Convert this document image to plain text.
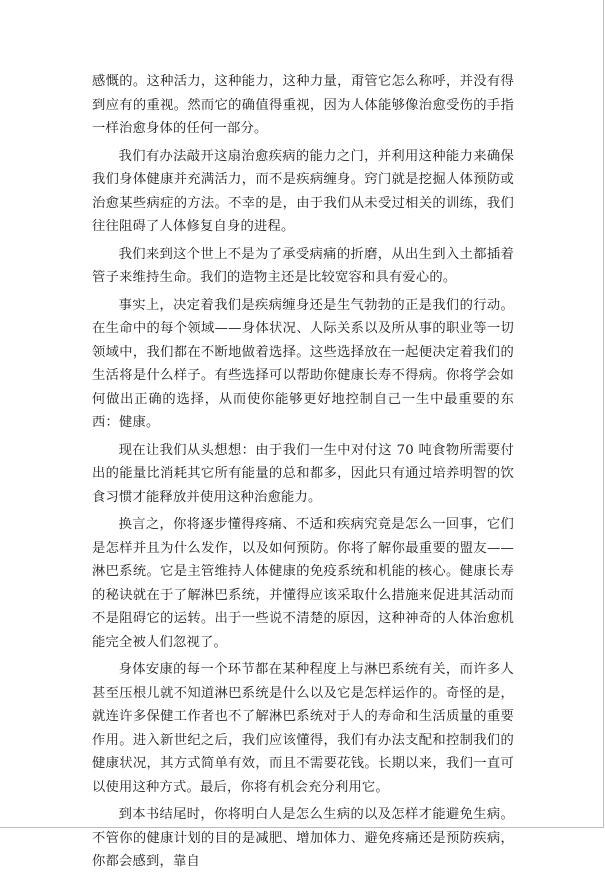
感慨的。这种活力，这种能力，这种力量，甭管它怎么称呼，并没有得到应有的重视。然而它的确值得重视，因为人体能够像治愈受伤的手指一样治愈身体的任何一部分。

我们有办法敲开这扇治愈疾病的能力之门，并利用这种能力来确保我们身体健康并充满活力，而不是疾病缠身。窍门就是挖掘人体预防或治愈某些病症的方法。不幸的是，由于我们从未受过相关的训练，我们往往阻碍了人体修复自身的进程。

我们来到这个世上不是为了承受病痛的折磨，从出生到入土都插着管子来维持生命。我们的造物主还是比较宽容和具有爱心的。

事实上，决定着我们是疾病缠身还是生气勃勃的正是我们的行动。在生命中的每个领域——身体状况、人际关系以及所从事的职业等一切领域中，我们都在不断地做着选择。这些选择放在一起便决定着我们的生活将是什么样子。有些选择可以帮助你健康长寿不得病。你将学会如何做出正确的选择，从而使你能够更好地控制自己一生中最重要的东西：健康。

现在让我们从头想想：由于我们一生中对付这 70 吨食物所需要付出的能量比消耗其它所有能量的总和都多，因此只有通过培养明智的饮食习惯才能释放并使用这种治愈能力。

换言之，你将逐步懂得疼痛、不适和疾病究竟是怎么一回事，它们是怎样并且为什么发作，以及如何预防。你将了解你最重要的盟友——淋巴系统。它是主管维持人体健康的免疫系统和机能的核心。健康长寿的秘诀就在于了解淋巴系统，并懂得应该采取什么措施来促进其活动而不是阻碍它的运转。出于一些说不清楚的原因，这种神奇的人体治愈机能完全被人们忽视了。

身体安康的每一个环节都在某种程度上与淋巴系统有关，而许多人甚至压根儿就不知道淋巴系统是什么以及它是怎样运作的。奇怪的是，就连许多保健工作者也不了解淋巴系统对于人的寿命和生活质量的重要作用。进入新世纪之后，我们应该懂得，我们有办法支配和控制我们的健康状况，其方式简单有效，而且不需要花钱。长期以来，我们一直可以使用这种方式。最后，你将有机会充分利用它。

到本书结尾时，你将明白人是怎么生病的以及怎样才能避免生病。不管你的健康计划的目的是减肥、增加体力、避免疼痛还是预防疾病，你都会感到，靠自
